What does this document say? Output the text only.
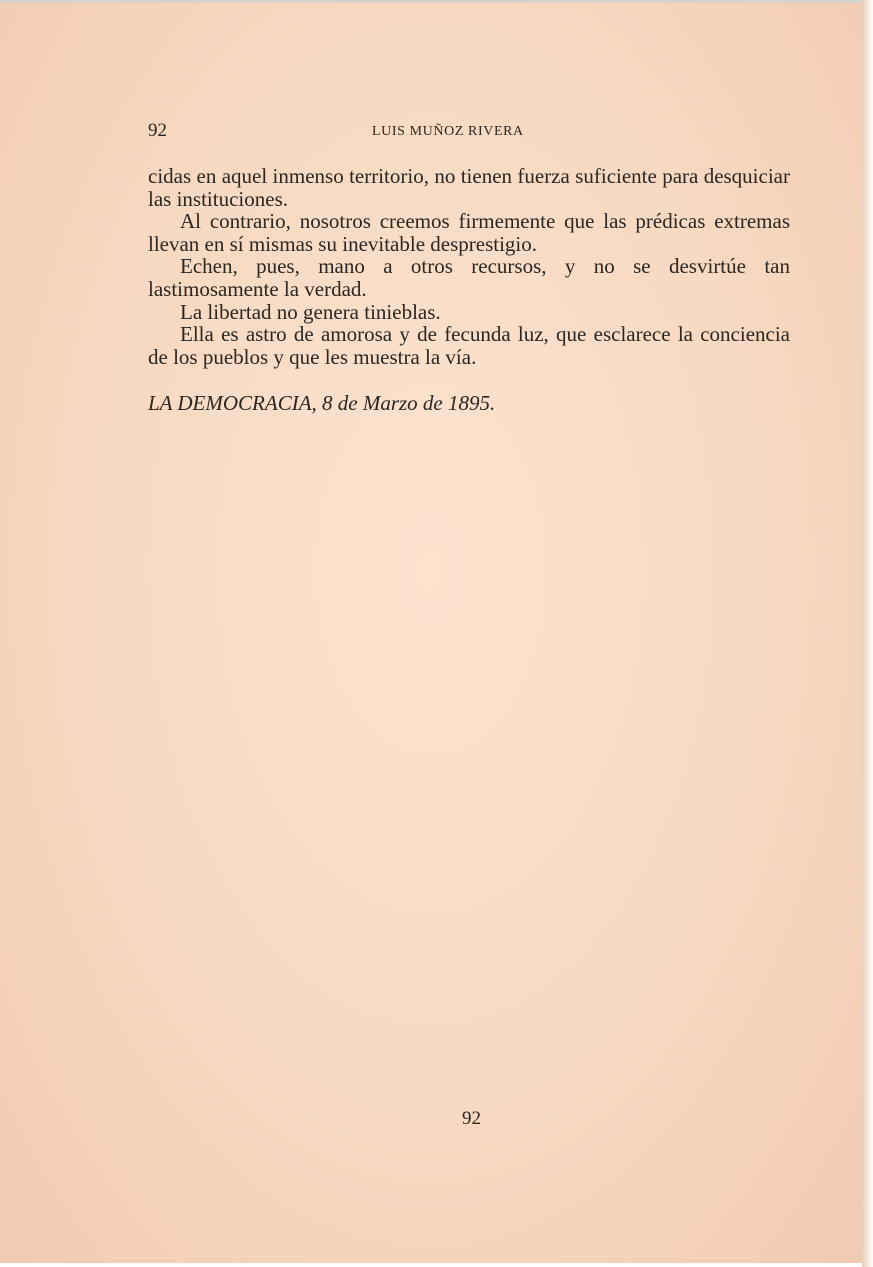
92	LUIS MUÑOZ RIVERA

cidas en aquel inmenso territorio, no tienen fuerza suficiente para desquiciar las instituciones.

Al contrario, nosotros creemos firmemente que las prédicas extremas llevan en sí mismas su inevitable desprestigio.

Echen, pues, mano a otros recursos, y no se desvirtúe tan lastimosamente la verdad.

La libertad no genera tinieblas.

Ella es astro de amorosa y de fecunda luz, que esclarece la conciencia de los pueblos y que les muestra la vía.

LA DEMOCRACIA, 8 de Marzo de 1895.
92
